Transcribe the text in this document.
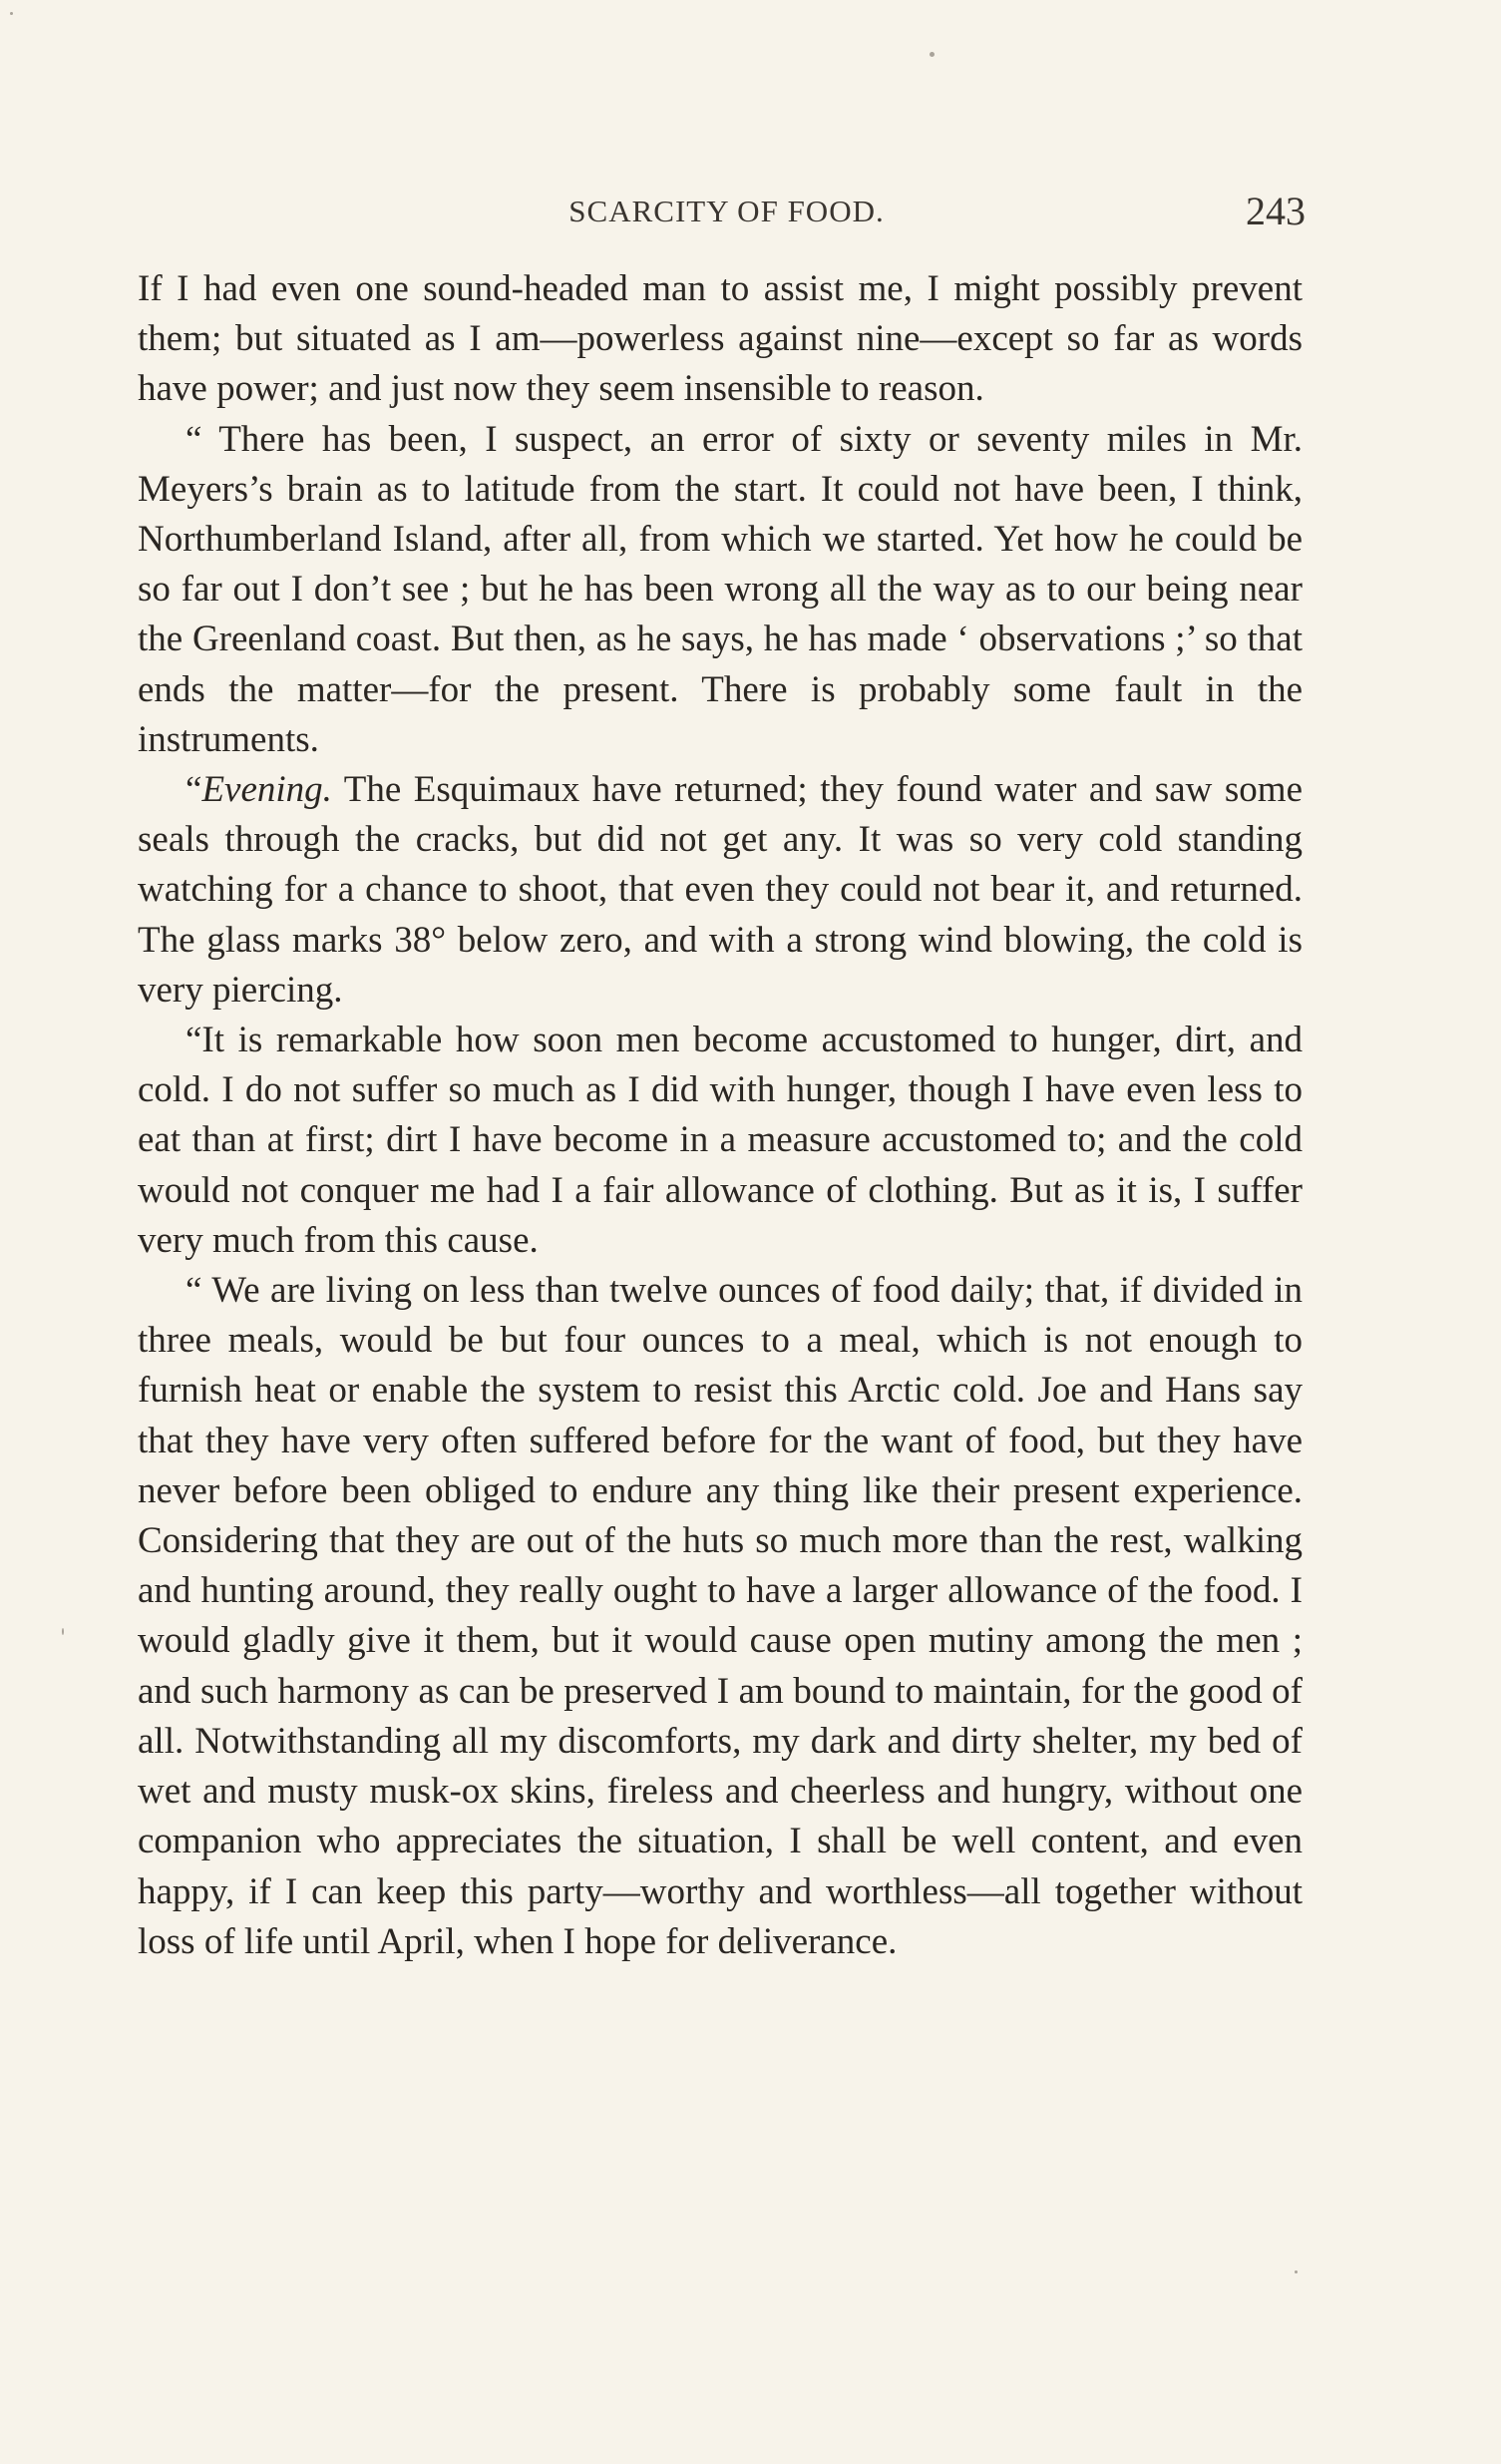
SCARCITY OF FOOD.	243

If I had even one sound-headed man to assist me, I might possibly prevent them; but situated as I am—powerless against nine—except so far as words have power; and just now they seem insensible to reason.

“ There has been, I suspect, an error of sixty or seventy miles in Mr. Meyers’s brain as to latitude from the start. It could not have been, I think, Northumberland Island, after all, from which we started. Yet how he could be so far out I don’t see ; but he has been wrong all the way as to our being near the Greenland coast. But then, as he says, he has made ‘ observations ;’ so that ends the matter—for the present. There is probably some fault in the instruments.

“Evening. The Esquimaux have returned; they found water and saw some seals through the cracks, but did not get any. It was so very cold standing watching for a chance to shoot, that even they could not bear it, and returned. The glass marks 38° below zero, and with a strong wind blowing, the cold is very piercing.

“It is remarkable how soon men become accustomed to hunger, dirt, and cold. I do not suffer so much as I did with hunger, though I have even less to eat than at first; dirt I have become in a measure accustomed to; and the cold would not conquer me had I a fair allowance of clothing. But as it is, I suffer very much from this cause.

“ We are living on less than twelve ounces of food daily; that, if divided in three meals, would be but four ounces to a meal, which is not enough to furnish heat or enable the system to resist this Arctic cold. Joe and Hans say that they have very often suffered before for the want of food, but they have never before been obliged to endure any thing like their present experience. Considering that they are out of the huts so much more than the rest, walking and hunting around, they really ought to have a larger allowance of the food. I would gladly give it them, but it would cause open mutiny among the men ; and such harmony as can be preserved I am bound to maintain, for the good of all. Notwithstanding all my discomforts, my dark and dirty shelter, my bed of wet and musty musk-ox skins, fireless and cheerless and hungry, without one companion who appreciates the situation, I shall be well content, and even happy, if I can keep this party—worthy and worthless—all together without loss of life until April, when I hope for deliverance.
